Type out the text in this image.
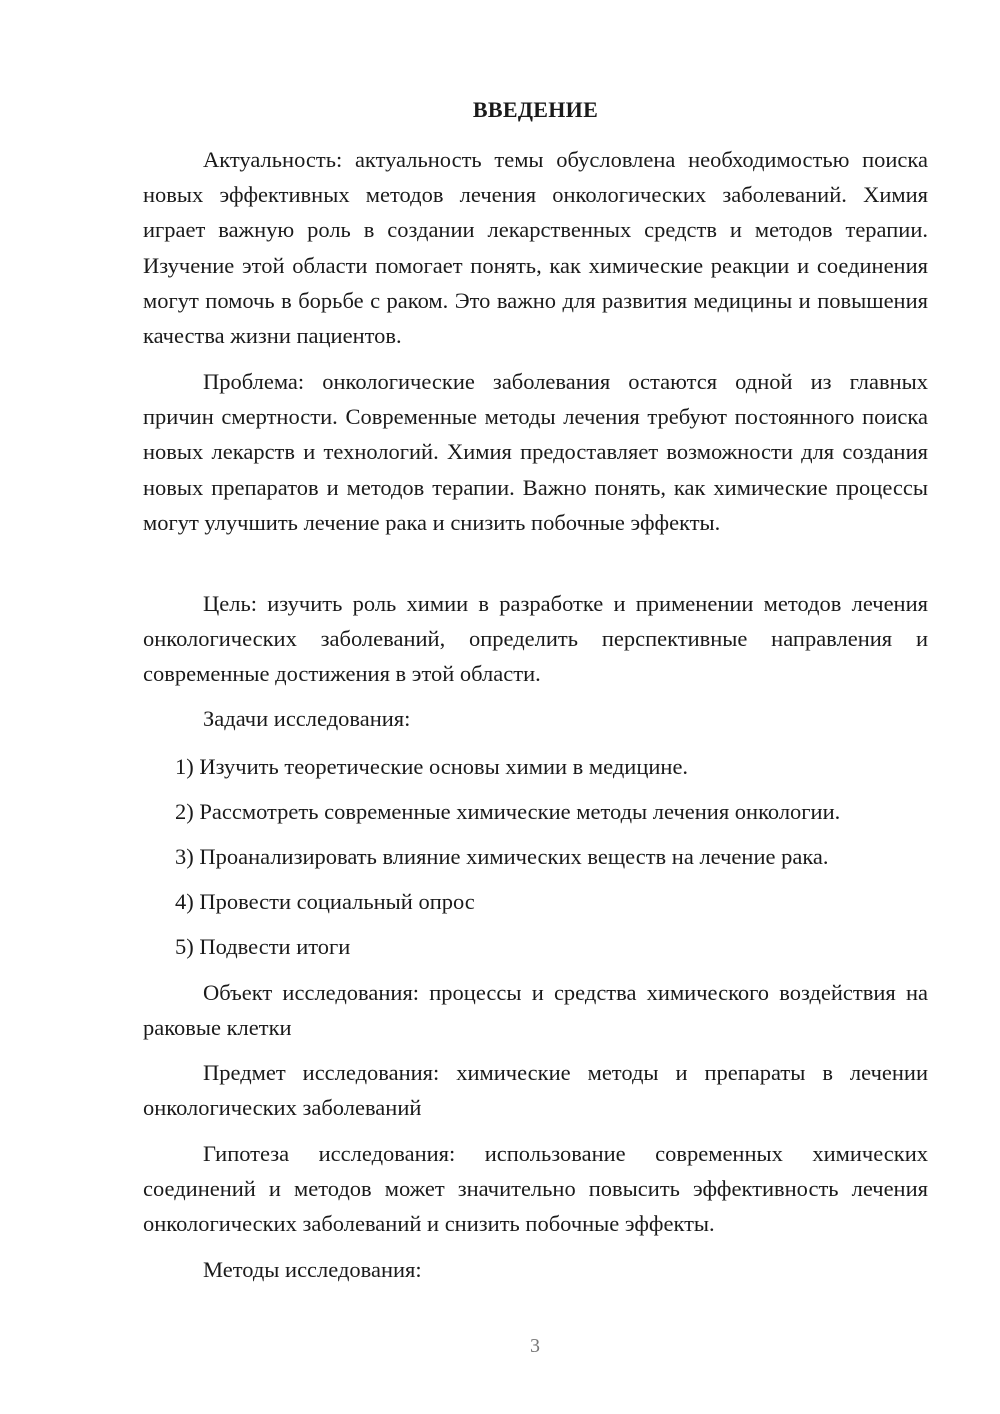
ВВЕДЕНИЕ

Актуальность: актуальность темы обусловлена необходимостью поиска новых эффективных методов лечения онкологических заболеваний. Химия играет важную роль в создании лекарственных средств и методов терапии. Изучение этой области помогает понять, как химические реакции и соединения могут помочь в борьбе с раком. Это важно для развития медицины и повышения качества жизни пациентов.

Проблема: онкологические заболевания остаются одной из главных причин смертности. Современные методы лечения требуют постоянного поиска новых лекарств и технологий. Химия предоставляет возможности для создания новых препаратов и методов терапии. Важно понять, как химические процессы могут улучшить лечение рака и снизить побочные эффекты.

Цель: изучить роль химии в разработке и применении методов лечения онкологических заболеваний, определить перспективные направления и современные достижения в этой области.

Задачи исследования:

1) Изучить теоретические основы химии в медицине.

2) Рассмотреть современные химические методы лечения онкологии.

3) Проанализировать влияние химических веществ на лечение рака.

4) Провести социальный опрос

5) Подвести итоги

Объект исследования: процессы и средства химического воздействия на раковые клетки

Предмет исследования: химические методы и препараты в лечении онкологических заболеваний

Гипотеза исследования: использование современных химических соединений и методов может значительно повысить эффективность лечения онкологических заболеваний и снизить побочные эффекты.

Методы исследования:

3
